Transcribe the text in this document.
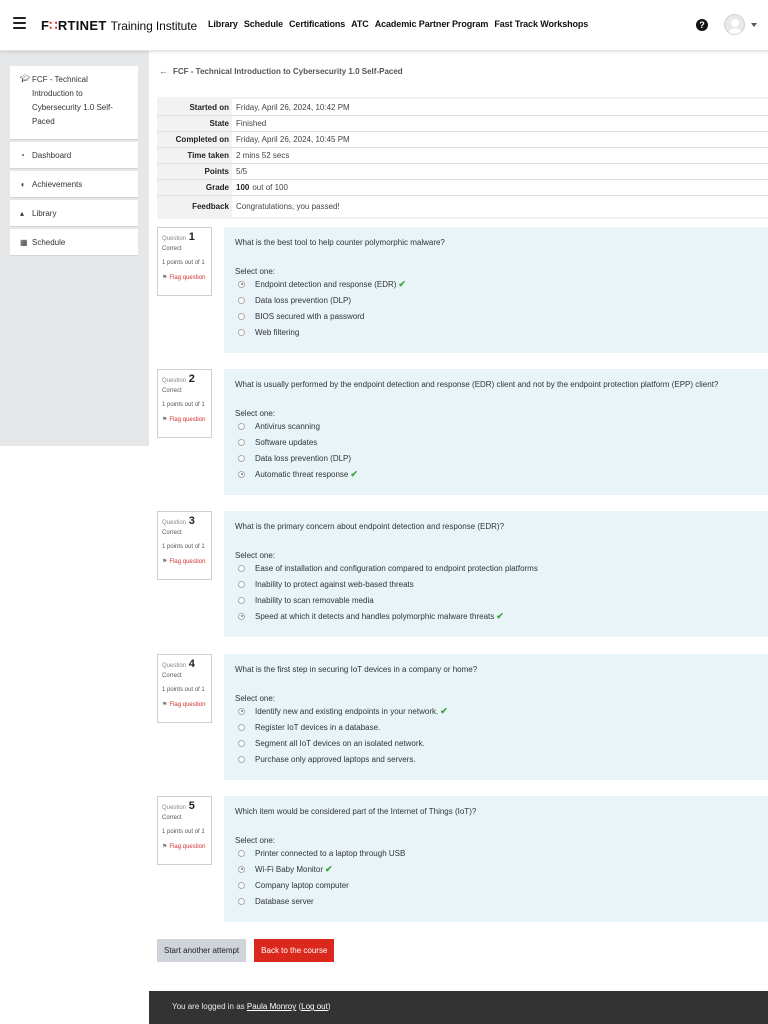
F∷RTINET Training Institute Library Schedule Certifications ATC Academic Partner Program Fast Track Workshops	?
🎓︎ FCF - Technical Introduction to Cybersecurity 1.0 Self-Paced
◔ Dashboard
◖ Achievements
▴ Library
▦ Schedule
← FCF - Technical Introduction to Cybersecurity 1.0 Self-Paced
Started on Friday, April 26, 2024, 10:42 PM
State Finished
Completed on Friday, April 26, 2024, 10:45 PM
Time taken 2 mins 52 secs
Points 5/5
Grade 100 out of 100
Feedback Congratulations, you passed!
Question 1
Correct
1 points out of 1
⚑ Flag question
What is the best tool to help counter polymorphic malware?
Select one:
Endpoint detection and response (EDR) ✔
Data loss prevention (DLP)
BIOS secured with a password
Web filtering
Question 2
Correct
1 points out of 1
⚑ Flag question
What is usually performed by the endpoint detection and response (EDR) client and not by the endpoint protection platform (EPP) client?
Select one:
Antivirus scanning
Software updates
Data loss prevention (DLP)
Automatic threat response ✔
Question 3
Correct
1 points out of 1
⚑ Flag question
What is the primary concern about endpoint detection and response (EDR)?
Select one:
Ease of installation and configuration compared to endpoint protection platforms
Inability to protect against web-based threats
Inability to scan removable media
Speed at which it detects and handles polymorphic malware threats ✔
Question 4
Correct
1 points out of 1
⚑ Flag question
What is the first step in securing IoT devices in a company or home?
Select one:
Identify new and existing endpoints in your network. ✔
Register IoT devices in a database.
Segment all IoT devices on an isolated network.
Purchase only approved laptops and servers.
Question 5
Correct
1 points out of 1
⚑ Flag question
Which item would be considered part of the Internet of Things (IoT)?
Select one:
Printer connected to a laptop through USB
Wi-Fi Baby Monitor ✔
Company laptop computer
Database server
Start another attempt	Back to the course
You are logged in as Paula Monroy (Log out)
